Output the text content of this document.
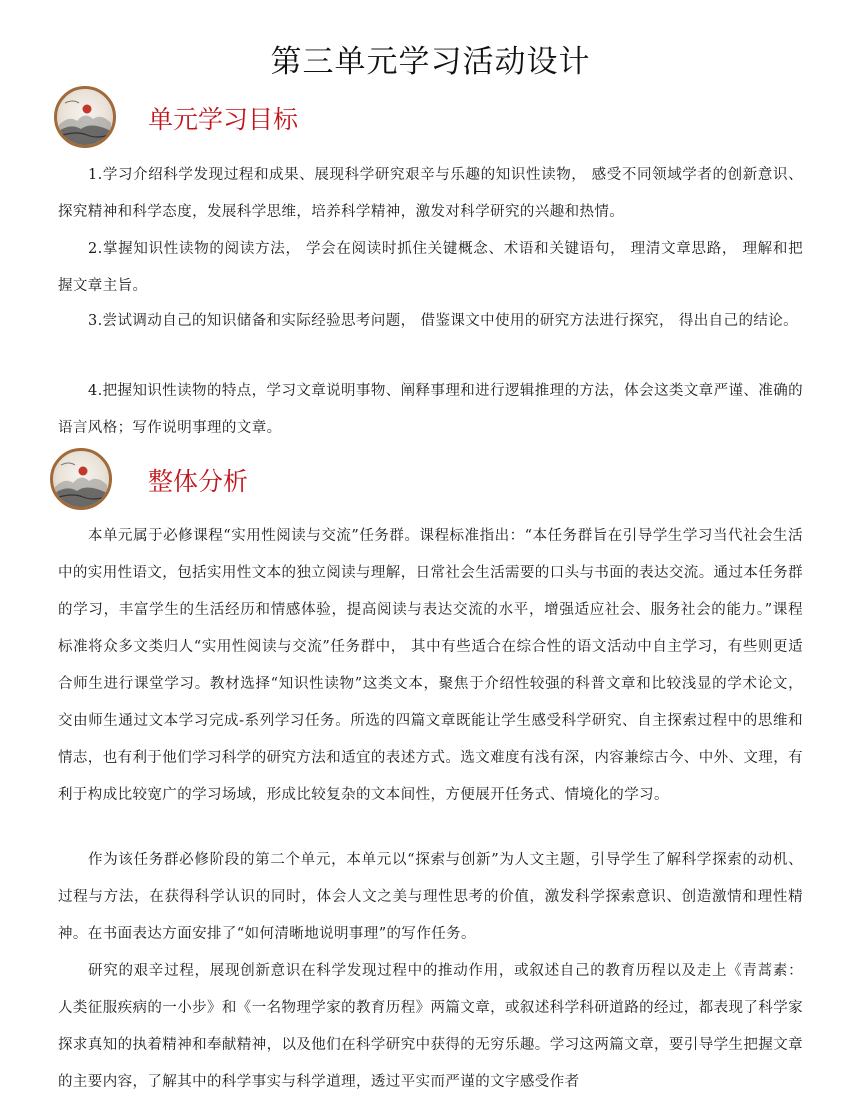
第三单元学习活动设计
单元学习目标

1.学习介绍科学发现过程和成果、展现科学研究艰辛与乐趣的知识性读物， 感受不同领域学者的创新意识、探究精神和科学态度，发展科学思维，培养科学精神，激发对科学研究的兴趣和热情。

2.掌握知识性读物的阅读方法， 学会在阅读时抓住关键概念、术语和关键语句， 理清文章思路， 理解和把握文章主旨。

3.尝试调动自己的知识储备和实际经验思考问题， 借鉴课文中使用的研究方法进行探究， 得出自己的结论。

4.把握知识性读物的特点，学习文章说明事物、阐释事理和进行逻辑推理的方法，体会这类文章严谨、准确的语言风格；写作说明事理的文章。

整体分析

本单元属于必修课程“实用性阅读与交流”任务群。课程标准指出：“本任务群旨在引导学生学习当代社会生活中的实用性语文，包括实用性文本的独立阅读与理解，日常社会生活需要的口头与书面的表达交流。通过本任务群的学习，丰富学生的生活经历和情感体验，提高阅读与表达交流的水平，增强适应社会、服务社会的能力。”课程标准将众多文类归人“实用性阅读与交流”任务群中， 其中有些适合在综合性的语文活动中自主学习，有些则更适合师生进行课堂学习。教材选择“知识性读物”这类文本，聚焦于介绍性较强的科普文章和比较浅显的学术论文， 交由师生通过文本学习完成-系列学习任务。所选的四篇文章既能让学生感受科学研究、自主探索过程中的思维和情志，也有利于他们学习科学的研究方法和适宜的表述方式。选文难度有浅有深，内容兼综古今、中外、文理，有利于构成比较宽广的学习场域，形成比较复杂的文本间性，方便展开任务式、情境化的学习。

作为该任务群必修阶段的第二个单元，本单元以“探索与创新”为人文主题，引导学生了解科学探索的动机、过程与方法，在获得科学认识的同时，体会人文之美与理性思考的价值，激发科学探索意识、创造激情和理性精神。在书面表达方面安排了“如何清晰地说明事理”的写作任务。

研究的艰辛过程，展现创新意识在科学发现过程中的推动作用，或叙述自己的教育历程以及走上《青蒿素：人类征服疾病的一小步》和《一名物理学家的教育历程》两篇文章，或叙述科学科研道路的经过，都表现了科学家探求真知的执着精神和奉献精神，以及他们在科学研究中获得的无穷乐趣。学习这两篇文章，要引导学生把握文章的主要内容，了解其中的科学事实与科学道理，透过平实而严谨的文字感受作者
